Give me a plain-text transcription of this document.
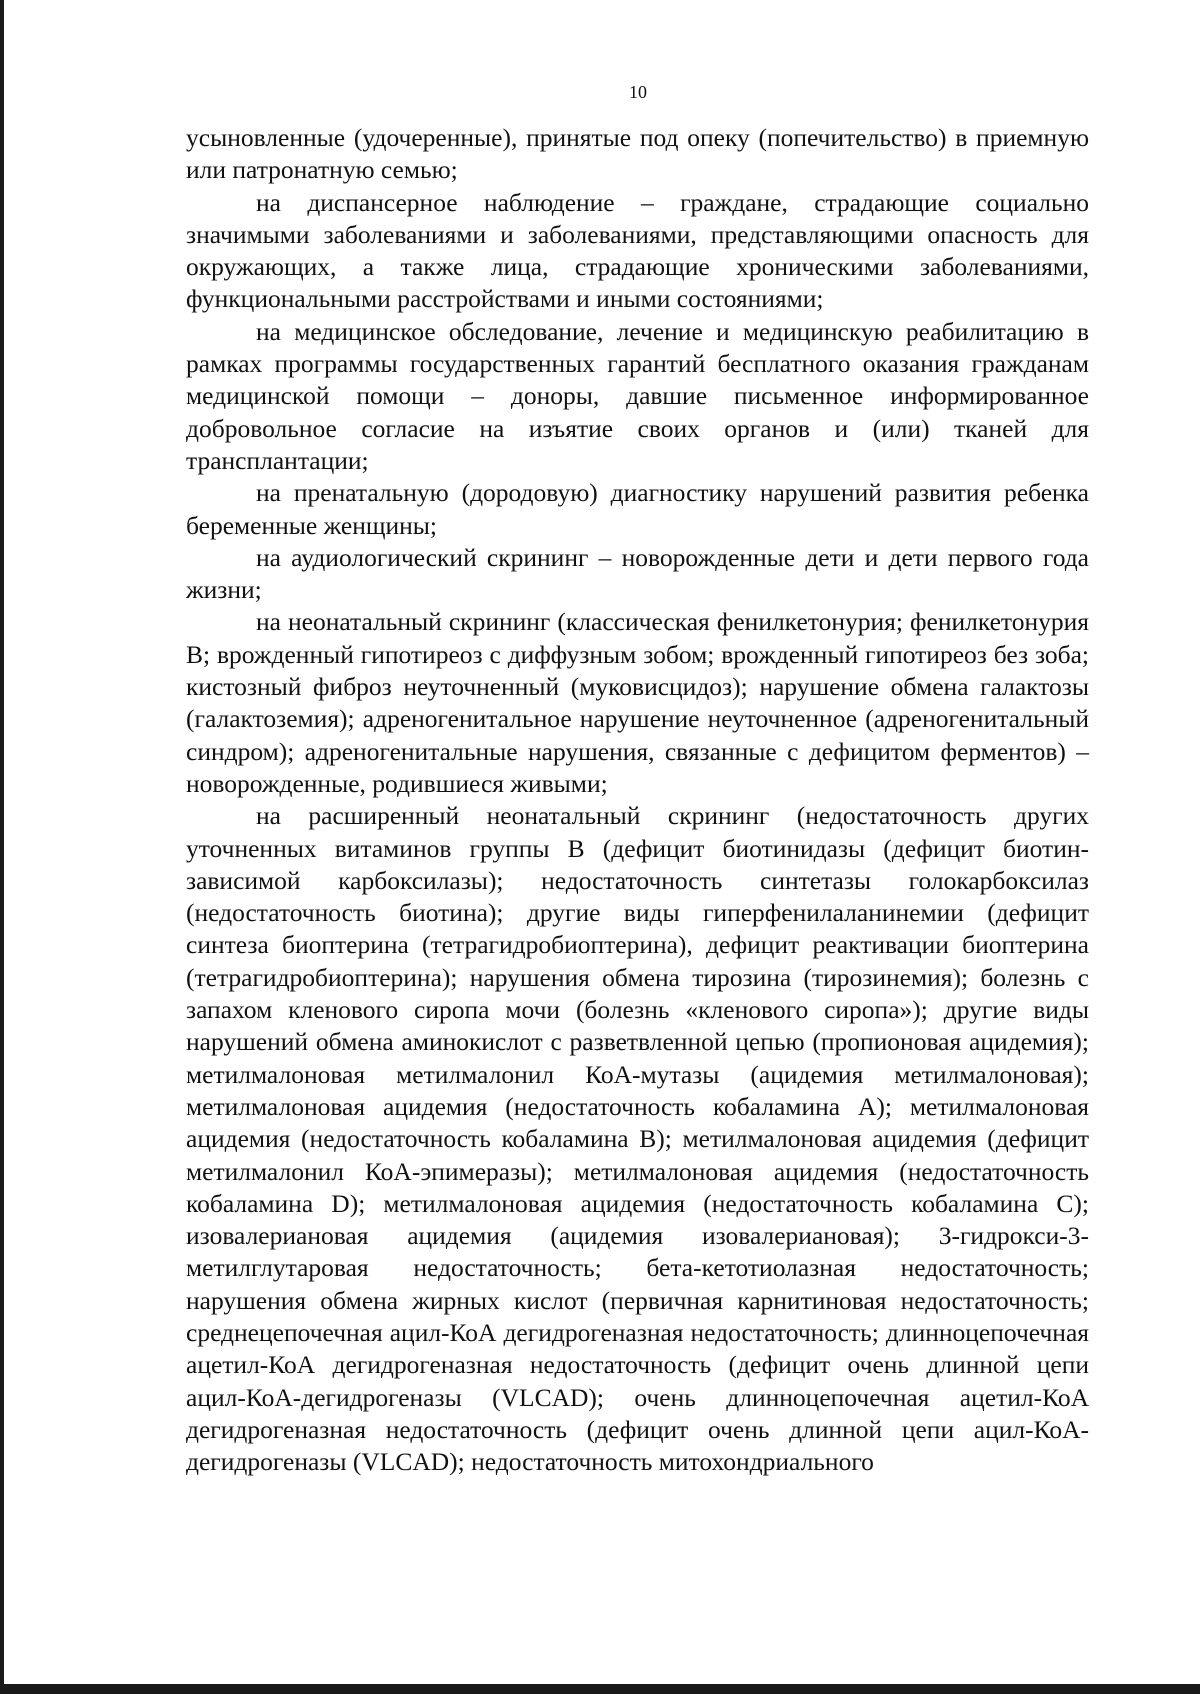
10

усыновленные (удочеренные), принятые под опеку (попечительство) в приемную или патронатную семью;

на диспансерное наблюдение – граждане, страдающие социально значимыми заболеваниями и заболеваниями, представляющими опасность для окружающих, а также лица, страдающие хроническими заболеваниями, функциональными расстройствами и иными состояниями;

на медицинское обследование, лечение и медицинскую реабилитацию в рамках программы государственных гарантий бесплатного оказания гражданам медицинской помощи – доноры, давшие письменное информированное добровольное согласие на изъятие своих органов и (или) тканей для трансплантации;

на пренатальную (дородовую) диагностику нарушений развития ребенка беременные женщины;

на аудиологический скрининг – новорожденные дети и дети первого года жизни;

на неонатальный скрининг (классическая фенилкетонурия; фенилкетонурия В; врожденный гипотиреоз с диффузным зобом; врожденный гипотиреоз без зоба; кистозный фиброз неуточненный (муковисцидоз); нарушение обмена галактозы (галактоземия); адреногенитальное нарушение неуточненное (адреногенитальный синдром); адреногенитальные нарушения, связанные с дефицитом ферментов) – новорожденные, родившиеся живыми;

на расширенный неонатальный скрининг (недостаточность других уточненных витаминов группы В (дефицит биотинидазы (дефицит биотин-зависимой карбоксилазы); недостаточность синтетазы голокарбоксилаз (недостаточность биотина); другие виды гиперфенилаланинемии (дефицит синтеза биоптерина (тетрагидробиоптерина), дефицит реактивации биоптерина (тетрагидробиоптерина); нарушения обмена тирозина (тирозинемия); болезнь с запахом кленового сиропа мочи (болезнь «кленового сиропа»); другие виды нарушений обмена аминокислот с разветвленной цепью (пропионовая ацидемия); метилмалоновая метилмалонил КоА-мутазы (ацидемия метилмалоновая); метилмалоновая ацидемия (недостаточность кобаламина А); метилмалоновая ацидемия (недостаточность кобаламина В); метилмалоновая ацидемия (дефицит метилмалонил КоА-эпимеразы); метилмалоновая ацидемия (недостаточность кобаламина D); метилмалоновая ацидемия (недостаточность кобаламина С); изовалериановая ацидемия (ацидемия изовалериановая); 3-гидрокси-3-метилглутаровая недостаточность; бета-кетотиолазная недостаточность; нарушения обмена жирных кислот (первичная карнитиновая недостаточность; среднецепочечная ацил-КоА дегидрогеназная недостаточность; длинноцепочечная ацетил-КоА дегидрогеназная недостаточность (дефицит очень длинной цепи ацил-КоА-дегидрогеназы (VLCAD); очень длинноцепочечная ацетил-КоА дегидрогеназная недостаточность (дефицит очень длинной цепи ацил-КоА-дегидрогеназы (VLCAD); недостаточность митохондриального
